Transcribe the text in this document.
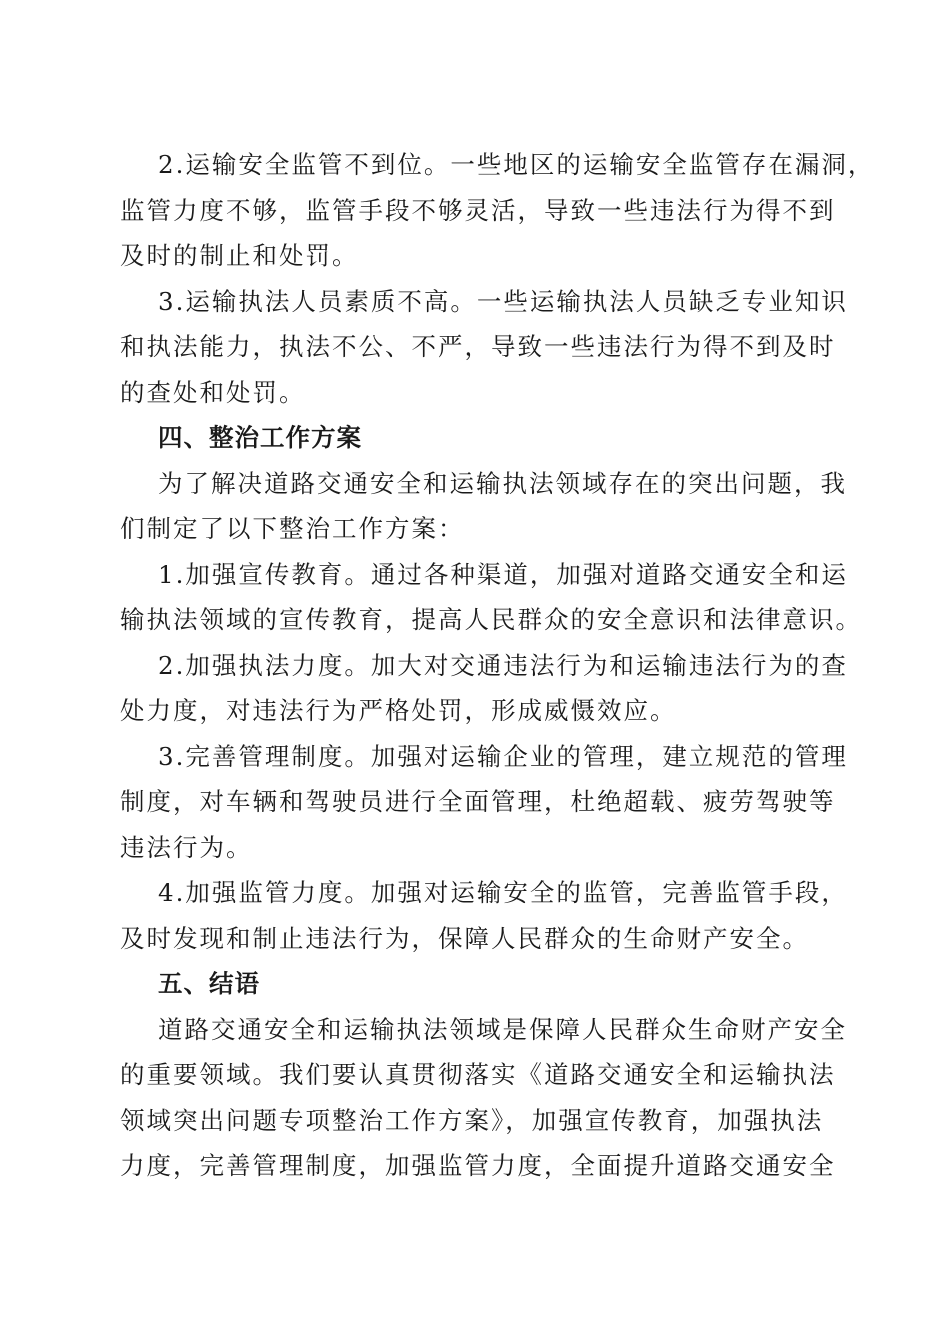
2.运输安全监管不到位。一些地区的运输安全监管存在漏洞，
监管力度不够，监管手段不够灵活，导致一些违法行为得不到
及时的制止和处罚。

3.运输执法人员素质不高。一些运输执法人员缺乏专业知识
和执法能力，执法不公、不严，导致一些违法行为得不到及时
的查处和处罚。

四、整治工作方案

为了解决道路交通安全和运输执法领域存在的突出问题，我
们制定了以下整治工作方案：

1.加强宣传教育。通过各种渠道，加强对道路交通安全和运
输执法领域的宣传教育，提高人民群众的安全意识和法律意识。

2.加强执法力度。加大对交通违法行为和运输违法行为的查
处力度，对违法行为严格处罚，形成威慑效应。

3.完善管理制度。加强对运输企业的管理，建立规范的管理
制度，对车辆和驾驶员进行全面管理，杜绝超载、疲劳驾驶等
违法行为。

4.加强监管力度。加强对运输安全的监管，完善监管手段，
及时发现和制止违法行为，保障人民群众的生命财产安全。

五、结语

道路交通安全和运输执法领域是保障人民群众生命财产安全
的重要领域。我们要认真贯彻落实《道路交通安全和运输执法
领域突出问题专项整治工作方案》，加强宣传教育，加强执法
力度，完善管理制度，加强监管力度，全面提升道路交通安全
